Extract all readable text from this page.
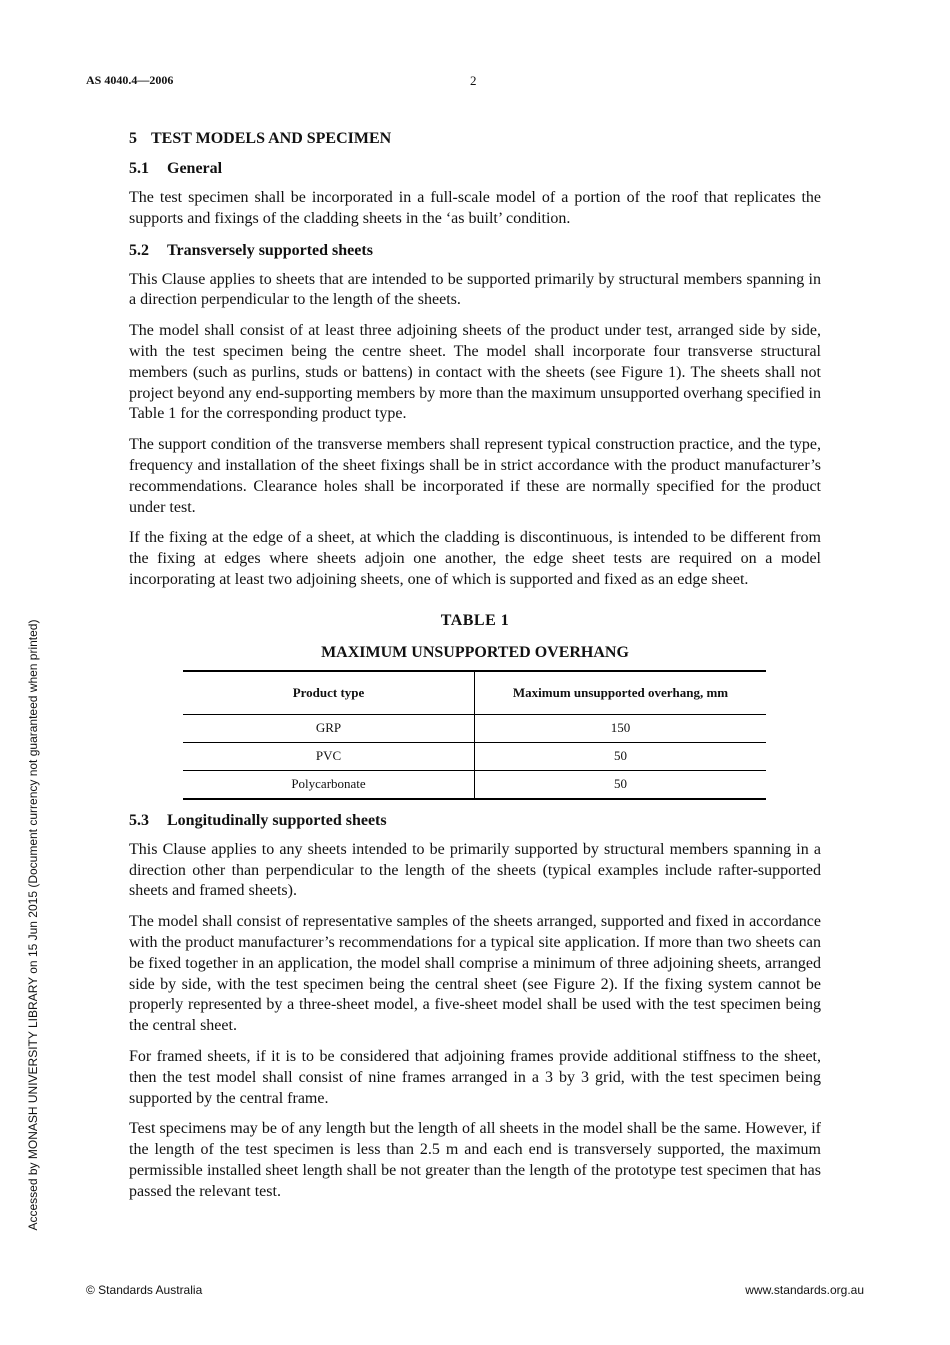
AS 4040.4—2006	2
Accessed by MONASH UNIVERSITY LIBRARY on 15 Jun 2015 (Document currency not guaranteed when printed)
5 TEST MODELS AND SPECIMEN
5.1 General

The test specimen shall be incorporated in a full-scale model of a portion of the roof that replicates the supports and fixings of the cladding sheets in the ‘as built’ condition.

5.2 Transversely supported sheets

This Clause applies to sheets that are intended to be supported primarily by structural members spanning in a direction perpendicular to the length of the sheets.

The model shall consist of at least three adjoining sheets of the product under test, arranged side by side, with the test specimen being the centre sheet. The model shall incorporate four transverse structural members (such as purlins, studs or battens) in contact with the sheets (see Figure 1). The sheets shall not project beyond any end-supporting members by more than the maximum unsupported overhang specified in Table 1 for the corresponding product type.

The support condition of the transverse members shall represent typical construction practice, and the type, frequency and installation of the sheet fixings shall be in strict accordance with the product manufacturer’s recommendations. Clearance holes shall be incorporated if these are normally specified for the product under test.

If the fixing at the edge of a sheet, at which the cladding is discontinuous, is intended to be different from the fixing at edges where sheets adjoin one another, the edge sheet tests are required on a model incorporating at least two adjoining sheets, one of which is supported and fixed as an edge sheet.

TABLE 1
MAXIMUM UNSUPPORTED OVERHANG
Product type	Maximum unsupported overhang, mm
GRP	150
PVC	50
Polycarbonate	50
5.3 Longitudinally supported sheets

This Clause applies to any sheets intended to be primarily supported by structural members spanning in a direction other than perpendicular to the length of the sheets (typical examples include rafter-supported sheets and framed sheets).

The model shall consist of representative samples of the sheets arranged, supported and fixed in accordance with the product manufacturer’s recommendations for a typical site application. If more than two sheets can be fixed together in an application, the model shall comprise a minimum of three adjoining sheets, arranged side by side, with the test specimen being the central sheet (see Figure 2). If the fixing system cannot be properly represented by a three-sheet model, a five-sheet model shall be used with the test specimen being the central sheet.

For framed sheets, if it is to be considered that adjoining frames provide additional stiffness to the sheet, then the test model shall consist of nine frames arranged in a 3 by 3 grid, with the test specimen being supported by the central frame.

Test specimens may be of any length but the length of all sheets in the model shall be the same. However, if the length of the test specimen is less than 2.5 m and each end is transversely supported, the maximum permissible installed sheet length shall be not greater than the length of the prototype test specimen that has passed the relevant test.

© Standards Australia	www.standards.org.au
